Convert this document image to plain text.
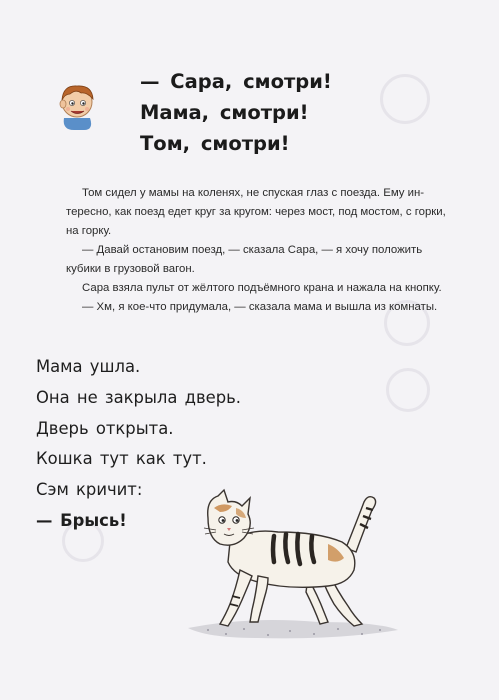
— Сара, смотри!
Мама, смотри!
Том, смотри!

Том сидел у мамы на коленях, не спуская глаз с поезда. Ему интересно, как поезд едет круг за кругом: через мост, под мостом, с горки, на горку.

— Давай остановим поезд, — сказала Сара, — я хочу положить кубики в грузовой вагон.

Сара взяла пульт от жёлтого подъёмного крана и нажала на кнопку.

— Хм, я кое-что придумала, — сказала мама и вышла из комнаты.

Мама ушла.
Она не закрыла дверь.
Дверь открыта.
Кошка тут как тут.
Сэм кричит:
— Брысь!
